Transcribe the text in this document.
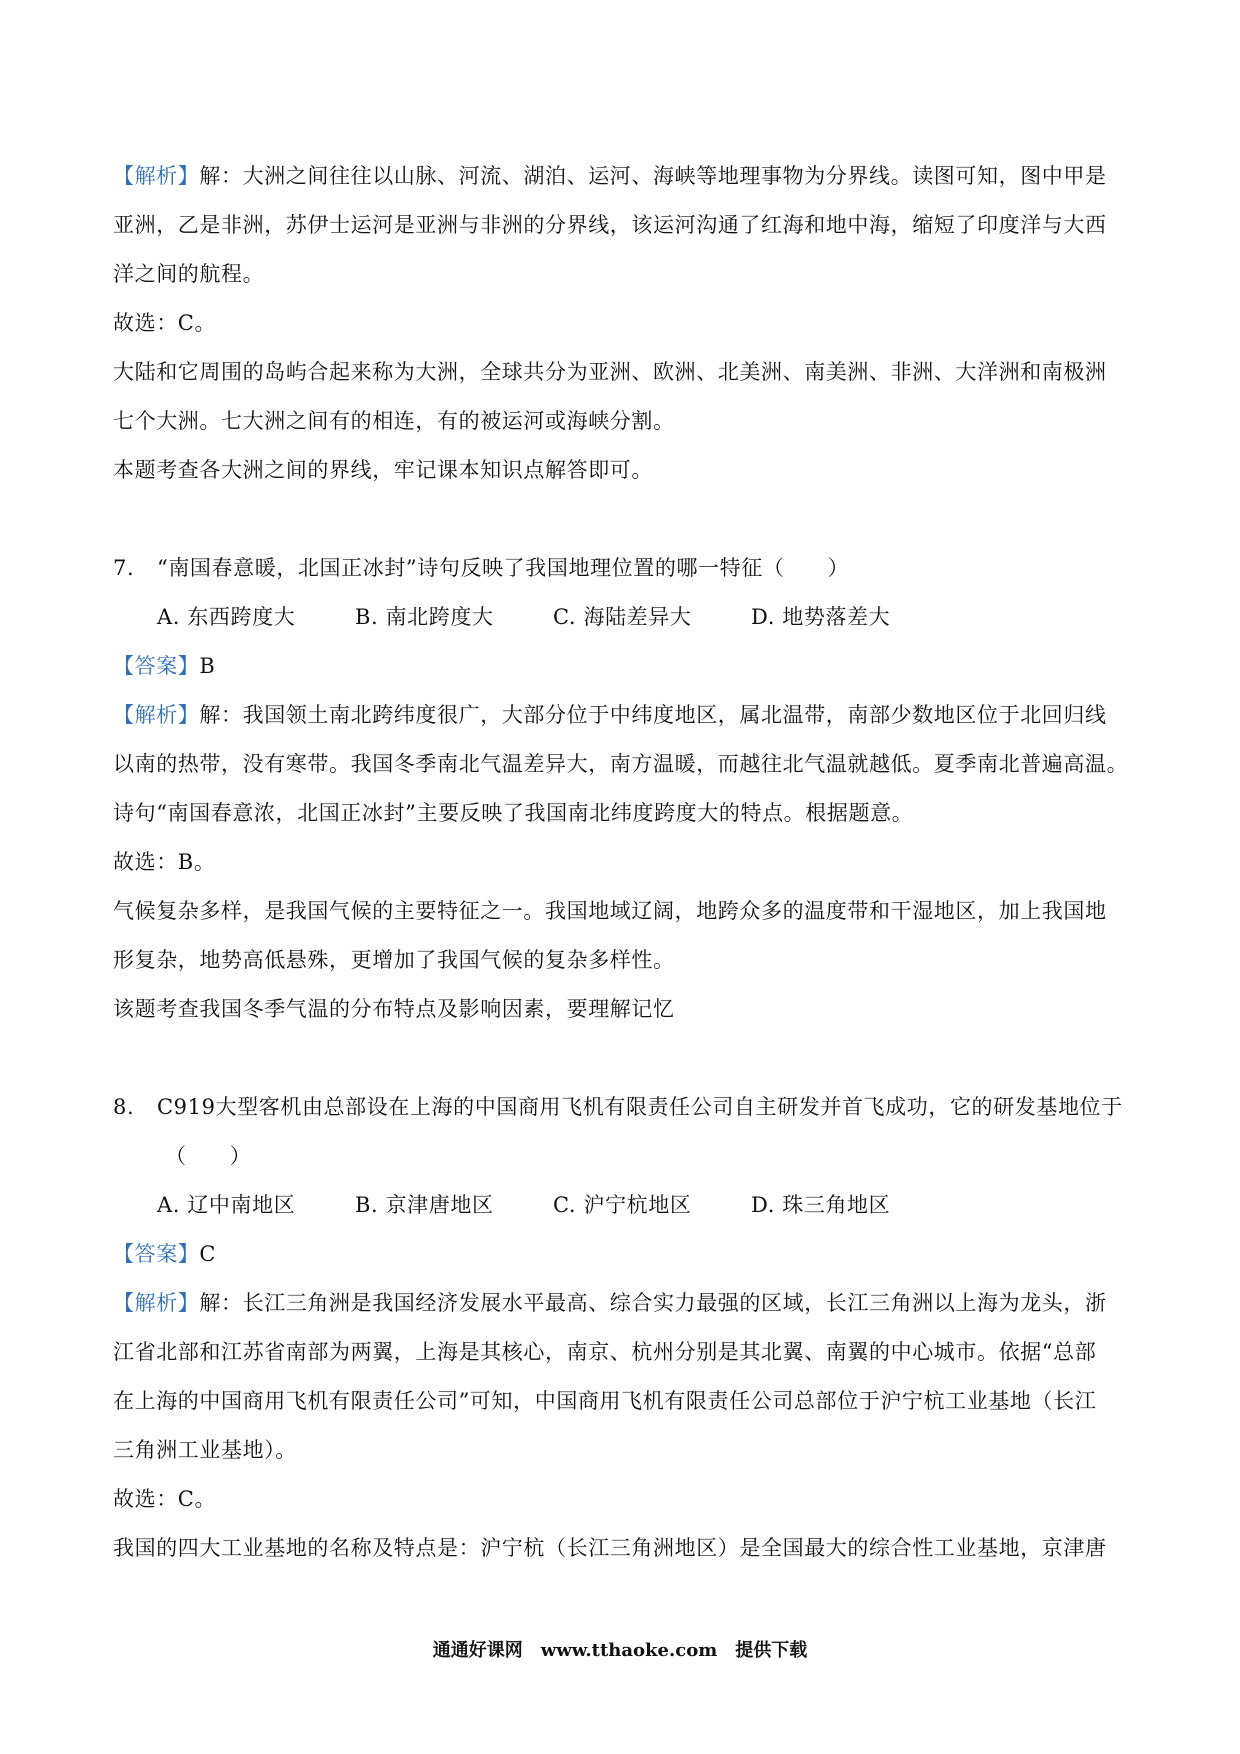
【解析】解：大洲之间往往以山脉、河流、湖泊、运河、海峡等地理事物为分界线。读图可知，图中甲是
亚洲，乙是非洲，苏伊士运河是亚洲与非洲的分界线，该运河沟通了红海和地中海，缩短了印度洋与大西
洋之间的航程。
故选：C。
大陆和它周围的岛屿合起来称为大洲，全球共分为亚洲、欧洲、北美洲、南美洲、非洲、大洋洲和南极洲
七个大洲。七大洲之间有的相连，有的被运河或海峡分割。
本题考查各大洲之间的界线，牢记课本知识点解答即可。
7. “南国春意暖，北国正冰封”诗句反映了我国地理位置的哪一特征（　　）
A. 东西跨度大	B. 南北跨度大	C. 海陆差异大	D. 地势落差大
【答案】B
【解析】解：我国领土南北跨纬度很广，大部分位于中纬度地区，属北温带，南部少数地区位于北回归线
以南的热带，没有寒带。我国冬季南北气温差异大，南方温暖，而越往北气温就越低。夏季南北普遍高温。
诗句“南国春意浓，北国正冰封”主要反映了我国南北纬度跨度大的特点。根据题意。
故选：B。
气候复杂多样，是我国气候的主要特征之一。我国地域辽阔，地跨众多的温度带和干湿地区，加上我国地
形复杂，地势高低悬殊，更增加了我国气候的复杂多样性。
该题考查我国冬季气温的分布特点及影响因素，要理解记忆
8. C919大型客机由总部设在上海的中国商用飞机有限责任公司自主研发并首飞成功，它的研发基地位于
（　　）
A. 辽中南地区	B. 京津唐地区	C. 沪宁杭地区	D. 珠三角地区
【答案】C
【解析】解：长江三角洲是我国经济发展水平最高、综合实力最强的区域，长江三角洲以上海为龙头，浙
江省北部和江苏省南部为两翼，上海是其核心，南京、杭州分别是其北翼、南翼的中心城市。依据“总部
在上海的中国商用飞机有限责任公司”可知，中国商用飞机有限责任公司总部位于沪宁杭工业基地（长江
三角洲工业基地）。
故选：C。
我国的四大工业基地的名称及特点是：沪宁杭（长江三角洲地区）是全国最大的综合性工业基地，京津唐
通通好课网　www.tthaoke.com　提供下载
